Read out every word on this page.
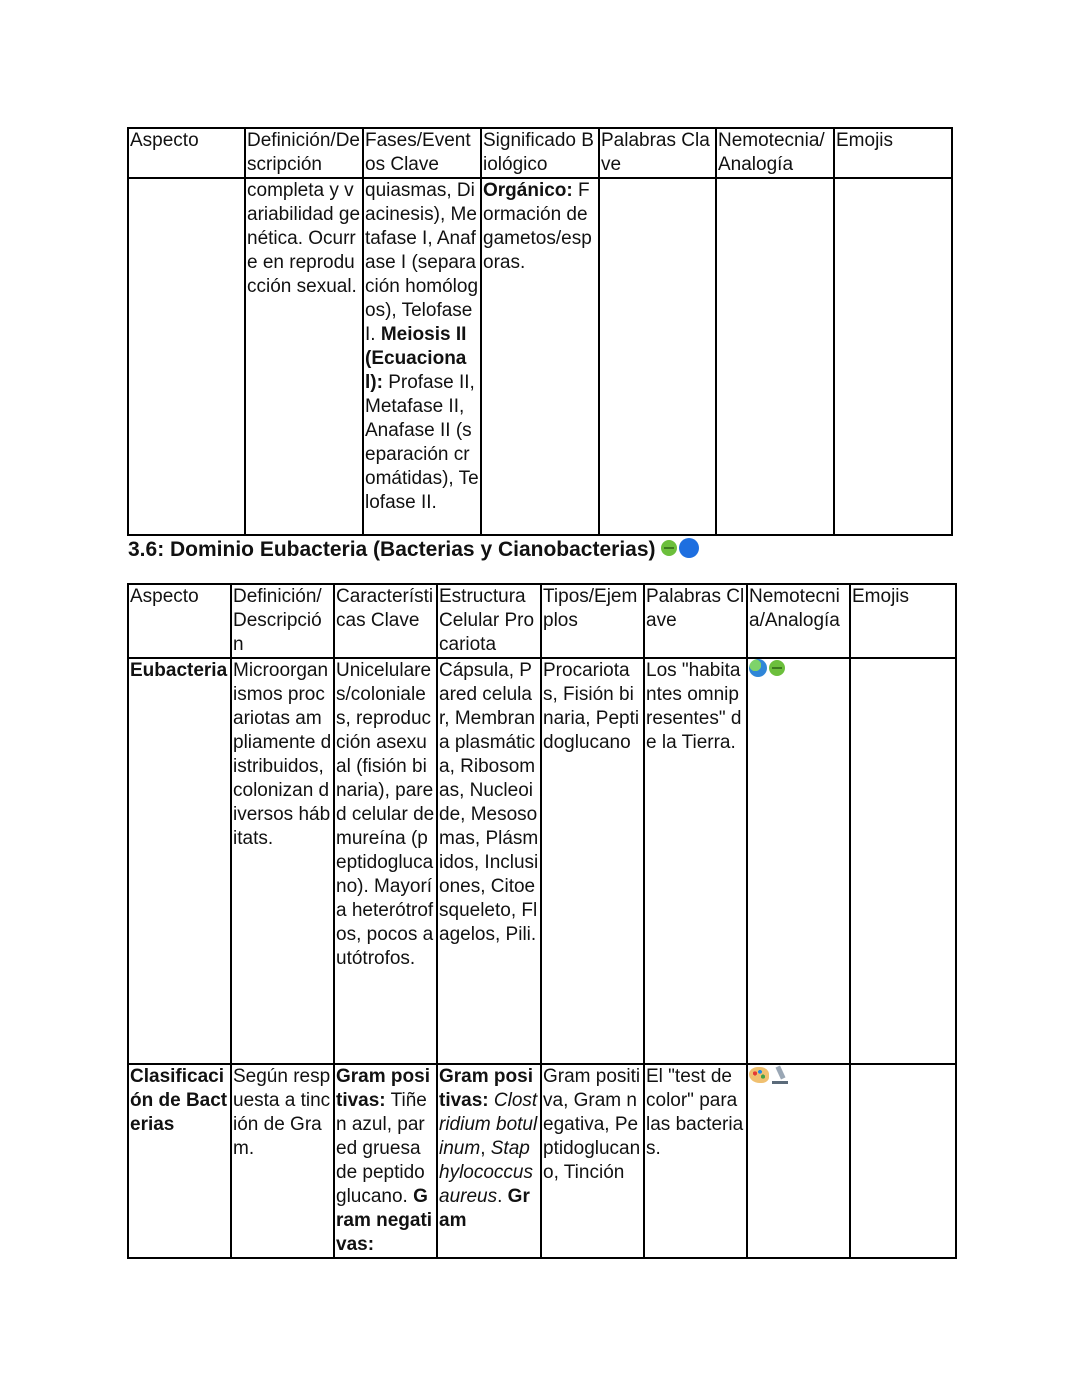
Aspecto	Definición/Descripción	Fases/Eventos Clave	Significado Biológico	Palabras Clave	Nemotecnia/ Analogía	Emojis
	completa y variabilidad genética. Ocurre en reproducción sexual.	quiasmas, Diacinesis), Metafase I, Anafase I (separación homólogos), Telofase I. Meiosis II (Ecuacional): Profase II, Metafase II, Anafase II (separación cromátidas), Telofase II.	Orgánico: Formación de gametos/esporas.			
3.6: Dominio Eubacteria (Bacterias y Cianobacterias)
Aspecto	Definición/ Descripción	Características Clave	Estructura Celular Procariota	Tipos/Ejemplos	Palabras Clave	Nemotecnia/Analogía	Emojis
Eubacteria	Microorganismos procariotas ampliamente distribuidos, colonizan diversos hábitats.	Unicelulares/coloniales, reproducción asexual (fisión binaria), pared celular de mureína (peptidoglucano). Mayoría heterótrofos, pocos autótrofos.	Cápsula, Pared celular, Membrana plasmática, Ribosomas, Nucleoide, Mesosomas, Plásmidos, Inclusiones, Citoesqueleto, Flagelos, Pili.	Procariotas, Fisión binaria, Peptidoglucano	Los "habitantes omnipresentes" de la Tierra.	

Clasificación de Bacterias	Según respuesta a tinción de Gram.	Gram positivas: Tiñen azul, pared gruesa de peptidoglucano. Gram negativas:	Gram positivas: Clostridium botulinum, Staphylococcus aureus. Gram	Gram positiva, Gram negativa, Peptidoglucano, Tinción	El "test de color" para las bacterias.	
